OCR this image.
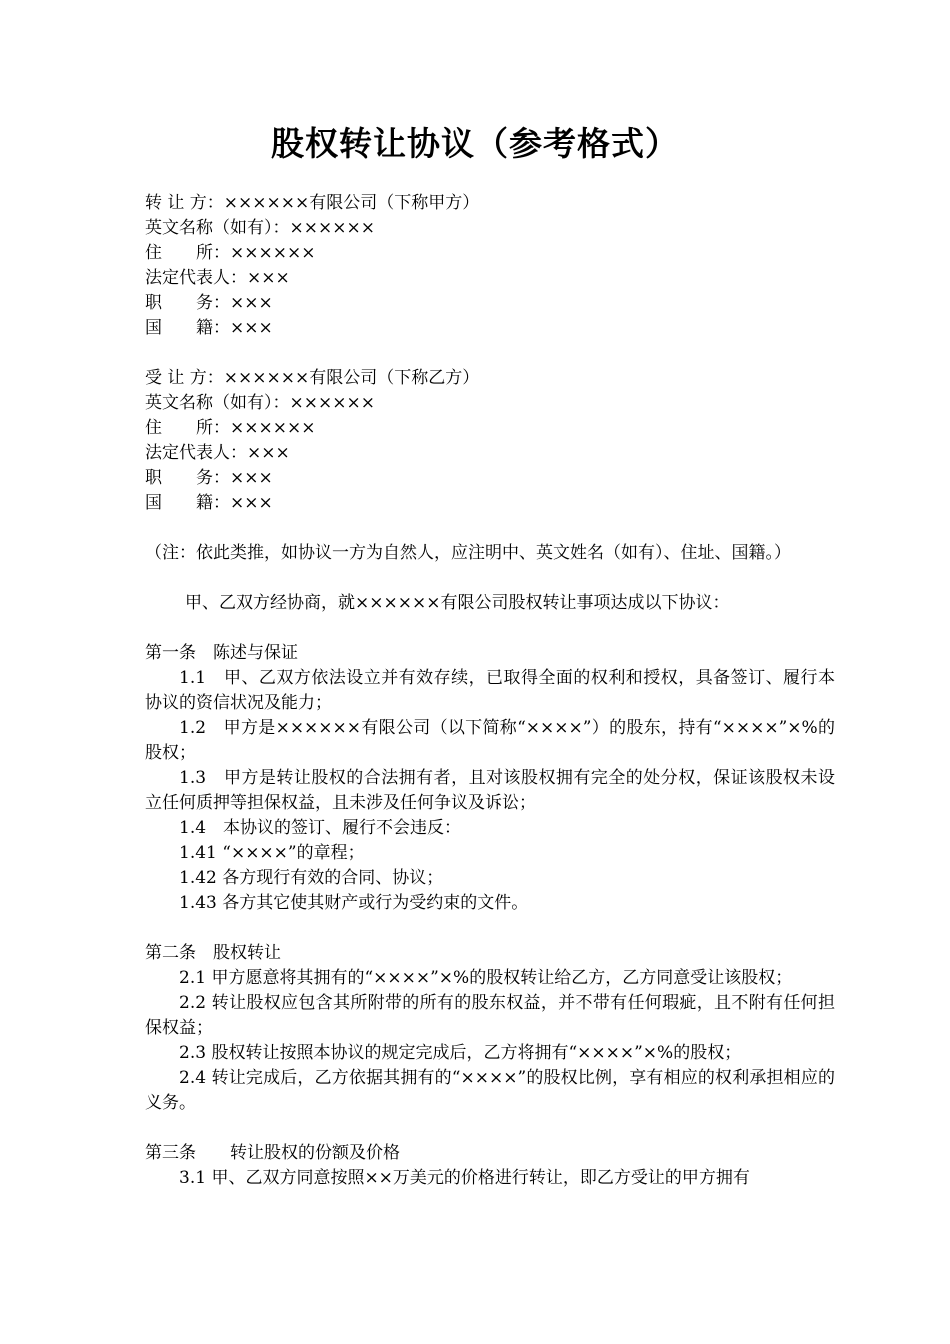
股权转让协议（参考格式）
转 让 方：××××××有限公司（下称甲方）
英文名称（如有）：××××××
住　　所：××××××
法定代表人：×××
职　　务：×××
国　　籍：×××
受 让 方：××××××有限公司（下称乙方）
英文名称（如有）：××××××
住　　所：××××××
法定代表人：×××
职　　务：×××
国　　籍：×××
（注：依此类推，如协议一方为自然人，应注明中、英文姓名（如有）、住址、国籍。）
甲、乙双方经协商，就××××××有限公司股权转让事项达成以下协议：
第一条　陈述与保证
1.1　甲、乙双方依法设立并有效存续，已取得全面的权利和授权，具备签订、履行本协议的资信状况及能力；
1.2　甲方是××××××有限公司（以下简称“××××”）的股东，持有“××××”×%的股权；
1.3　甲方是转让股权的合法拥有者，且对该股权拥有完全的处分权，保证该股权未设立任何质押等担保权益，且未涉及任何争议及诉讼；
1.4　本协议的签订、履行不会违反：
1.41 “××××”的章程；
1.42 各方现行有效的合同、协议；
1.43 各方其它使其财产或行为受约束的文件。
第二条　股权转让
2.1 甲方愿意将其拥有的“××××”×%的股权转让给乙方，乙方同意受让该股权；
2.2 转让股权应包含其所附带的所有的股东权益，并不带有任何瑕疵，且不附有任何担保权益；
2.3 股权转让按照本协议的规定完成后，乙方将拥有“××××”×%的股权；
2.4 转让完成后，乙方依据其拥有的“××××”的股权比例，享有相应的权利承担相应的义务。
第三条　　转让股权的份额及价格
3.1 甲、乙双方同意按照××万美元的价格进行转让，即乙方受让的甲方拥有
